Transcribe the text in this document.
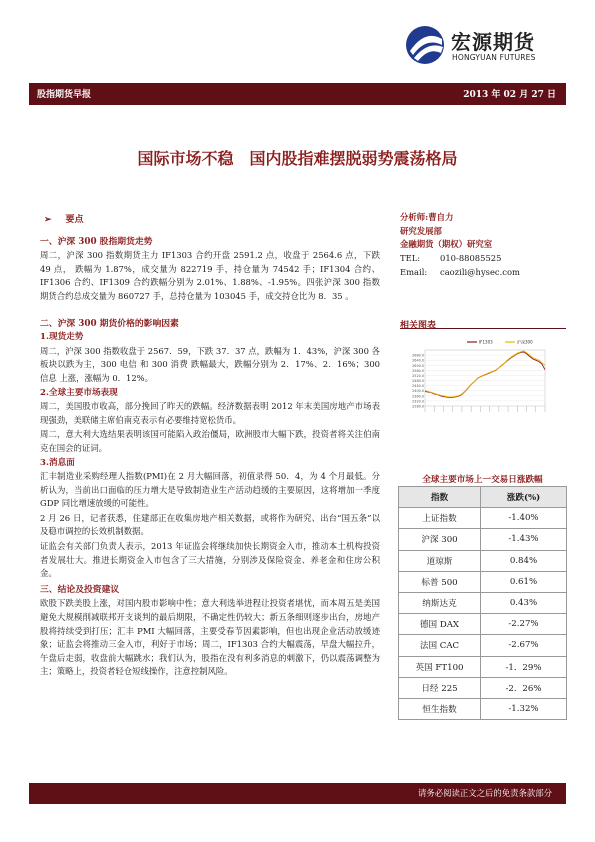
宏源期货
HONGYUAN FUTURES
股指期货早报	2013 年 02 月 27 日
国际市场不稳 国内股指难摆脱弱势震荡格局
➢ 要点
一、沪深 300 股指期货走势
周二，沪深 300 指数期货主力 IF1303 合约开盘 2591.2 点，收盘于 2564.6 点，下跌 49 点， 跌幅为 1.87%，成交量为 822719 手，持仓量为 74542 手；IF1304 合约、IF1306 合约、IF1309 合约跌幅分别为 2.01%、1.88%、-1.95%。四张沪深 300 指数期货合约总成交量为 860727 手，总持仓量为 103045 手，成交持仓比为 8．35 。
二、沪深 300 期货价格的影响因素
1.现货走势
周二，沪深 300 指数收盘于 2567．59，下跌 37．37 点，跌幅为 1．43%，沪深 300 各板块以跌为主，300 电信 和 300 消费 跌幅最大，跌幅分别为 2．17%、2．16%；300 信息 上涨，涨幅为 0．12%。
2.全球主要市场表现
周二，美国股市收高，部分挽回了昨天的跌幅。经济数据表明 2012 年末美国房地产市场表现强劲，美联储主席伯南克表示有必要维持宽松货币。
周二，意大利大选结果表明该国可能陷入政治僵局，欧洲股市大幅下跌，投资者将关注伯南克在国会的证词。
3.消息面
汇丰制造业采购经理人指数(PMI)在 2 月大幅回落，初值录得 50．4，为 4 个月最低。分析认为，当前出口面临的压力增大是导致制造业生产活动趋缓的主要原因，这将增加一季度 GDP 同比增速放缓的可能性。
2 月 26 日，记者获悉，住建部正在收集房地产相关数据，或将作为研究、出台“国五条”以及稳市调控的长效机制数据。
证监会有关部门负责人表示，2013 年证监会将继续加快长期资金入市，推动本土机构投资者发展壮大。推进长期资金入市包含了三大措施，分别涉及保险资金、养老金和住房公积金。
三、结论及投资建议
欧股下跌美股上涨，对国内股市影响中性；意大利选举进程让投资者堪忧，而本周五是美国避免大规模削减联邦开支谈判的最后期限，不确定性仍较大；新五条细则逐步出台，房地产股将持续受到打压；汇丰 PMI 大幅回落，主要受春节因素影响，但也出现企业活动放缓迹象；证监会将推动三金入市，利好于市场；周二，IF1303 合约大幅震荡，早盘大幅拉升，午盘后走弱，收盘前大幅跳水；我们认为，股指在没有利多消息的刺激下，仍以震荡调整为主；策略上，投资者轻仓短线操作，注意控制风险。
分析师:曹自力
研究发展部
金融期货（期权）研究室
TEL: 010-88085525
Email: caozili@hysec.com
相关图表
2680.0
2640.0
2600.0
2560.0
2520.0
2480.0
2440.0
2400.0
2360.0
2320.0
2280.0
IF1303	沪深300
全球主要市场上一交易日涨跌幅
指数	涨跌(%)
上证指数	-1.40%
沪深 300	-1.43%
道琼斯	0.84%
标普 500	0.61%
纳斯达克	0.43%
德国 DAX	-2.27%
法国 CAC	-2.67%
英国 FT100	-1．29%
日经 225	-2．26%
恒生指数	-1.32%
请务必阅读正文之后的免责条款部分
